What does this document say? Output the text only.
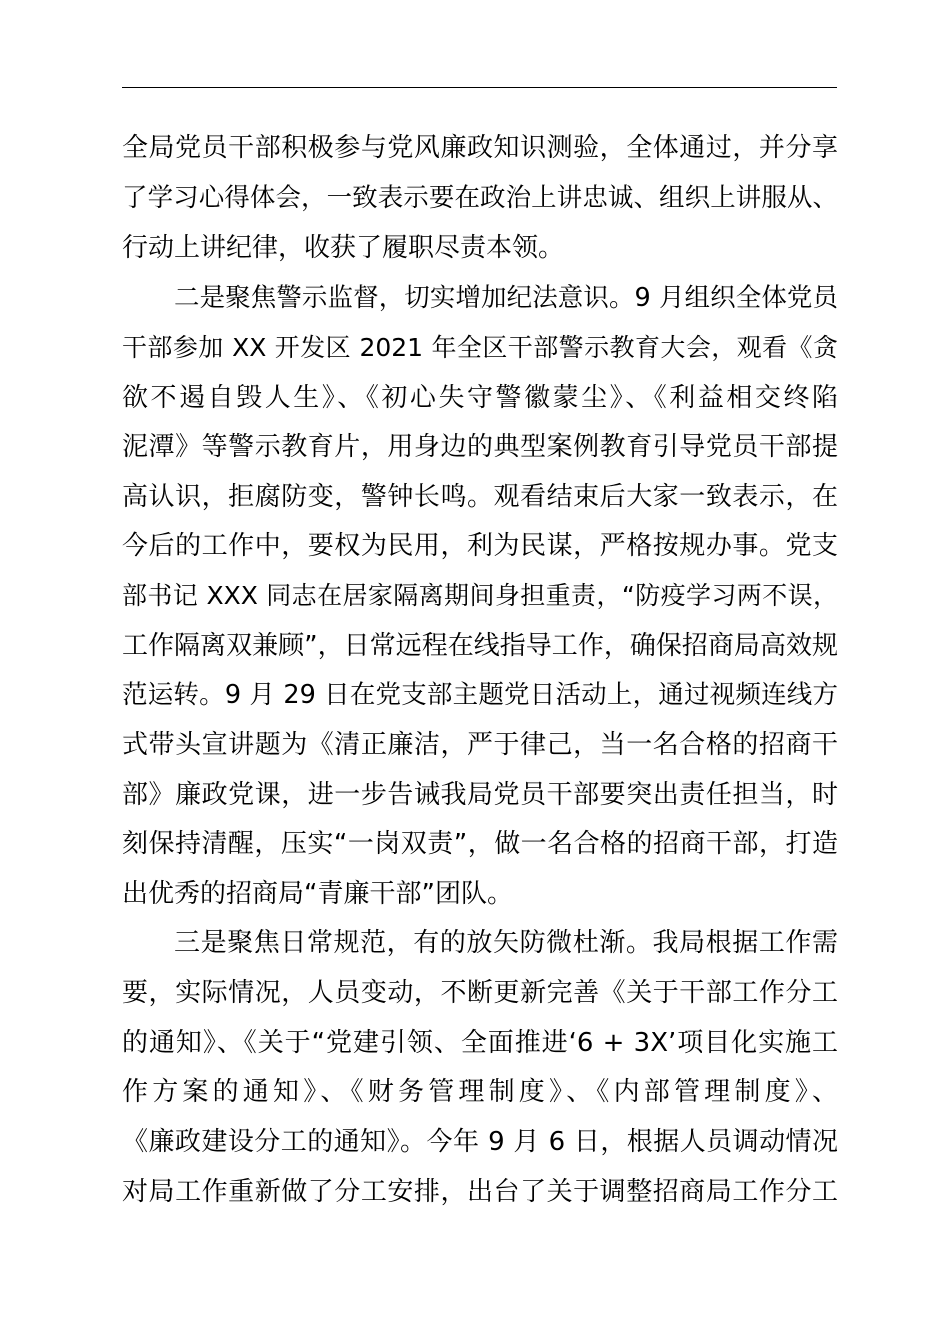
全局党员干部积极参与党风廉政知识测验，全体通过，并分享
了学习心得体会，一致表示要在政治上讲忠诚、组织上讲服从、
行动上讲纪律，收获了履职尽责本领。
二是聚焦警示监督，切实增加纪法意识。9 月组织全体党员
干部参加 XX 开发区 2021 年全区干部警示教育大会，观看《贪
欲不遏自毁人生》、《初心失守警徽蒙尘》、《利益相交终陷
泥潭》等警示教育片，用身边的典型案例教育引导党员干部提
高认识，拒腐防变，警钟长鸣。观看结束后大家一致表示，在
今后的工作中，要权为民用，利为民谋，严格按规办事。党支
部书记 XXX 同志在居家隔离期间身担重责，“防疫学习两不误，
工作隔离双兼顾”，日常远程在线指导工作，确保招商局高效规
范运转。9 月 29 日在党支部主题党日活动上，通过视频连线方
式带头宣讲题为《清正廉洁，严于律己，当一名合格的招商干
部》廉政党课，进一步告诫我局党员干部要突出责任担当，时
刻保持清醒，压实“一岗双责”，做一名合格的招商干部，打造
出优秀的招商局“青廉干部”团队。
三是聚焦日常规范，有的放矢防微杜渐。我局根据工作需
要，实际情况，人员变动，不断更新完善《关于干部工作分工
的通知》、《关于“党建引领、全面推进‘6 + 3X’项目化实施工
作方案的通知》、《财务管理制度》、《内部管理制度》、
《廉政建设分工的通知》。今年 9 月 6 日，根据人员调动情况
对局工作重新做了分工安排，出台了关于调整招商局工作分工
